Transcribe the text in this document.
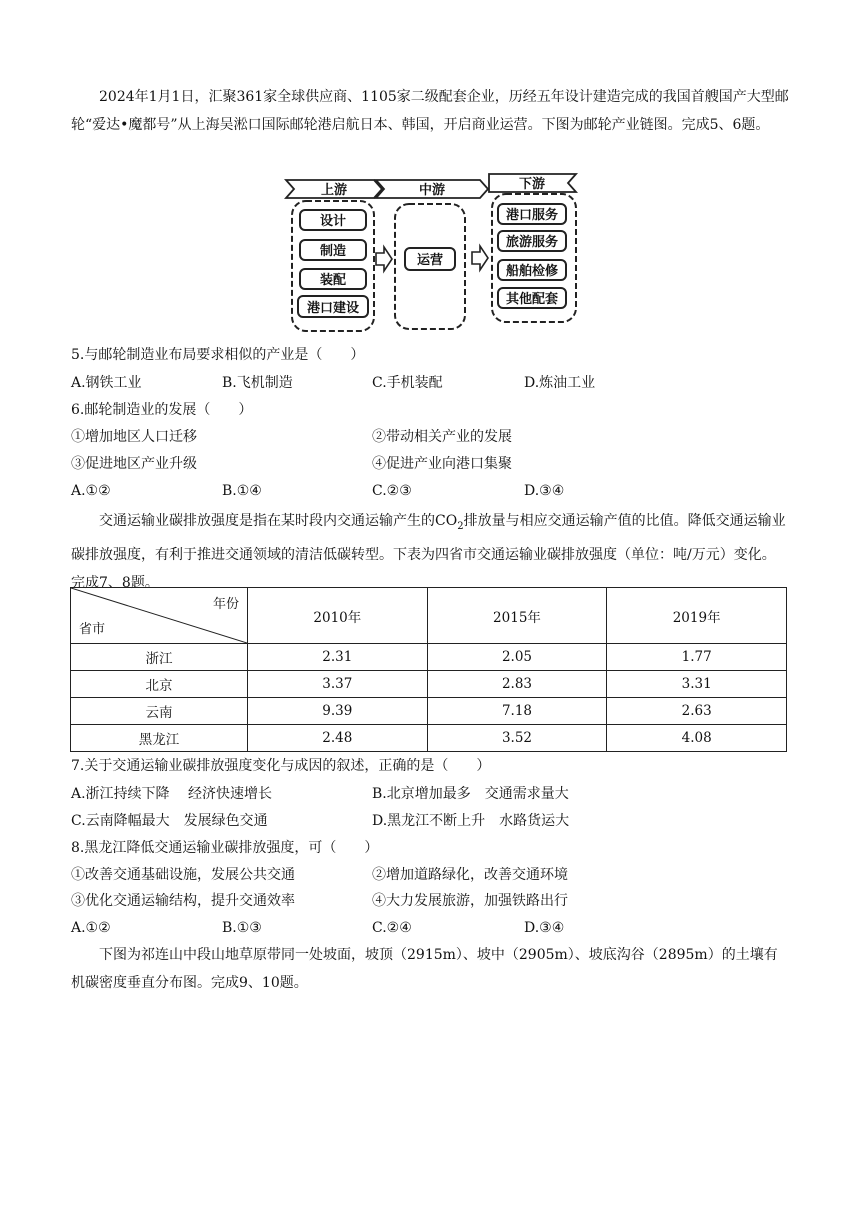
2024年1月1日，汇聚361家全球供应商、1105家二级配套企业，历经五年设计建造完成的我国首艘国产大型邮轮“爱达•魔都号”从上海吴淞口国际邮轮港启航日本、韩国，开启商业运营。下图为邮轮产业链图。完成5、6题。
上游	中游	下游
设计
制造
装配
港口建设
运营
港口服务
旅游服务
船舶检修
其他配套
5.与邮轮制造业布局要求相似的产业是（　　）
A.钢铁工业	B.飞机制造	C.手机装配	D.炼油工业
6.邮轮制造业的发展（　　）
①增加地区人口迁移	②带动相关产业的发展
③促进地区产业升级	④促进产业向港口集聚
A.①②	B.①④	C.②③	D.③④
交通运输业碳排放强度是指在某时段内交通运输产生的$CO_2$排放量与相应交通运输产值的比值。降低交通运输业碳排放强度，有利于推进交通领域的清洁低碳转型。下表为四省市交通运输业碳排放强度（单位：吨/万元）变化。完成7、8题。
年份
省市	2010年	2015年	2019年
浙江	2.31	2.05	1.77
北京	3.37	2.83	3.31
云南	9.39	7.18	2.63
黑龙江	2.48	3.52	4.08
7.关于交通运输业碳排放强度变化与成因的叙述，正确的是（　　）
A.浙江持续下降　 经济快速增长	B.北京增加最多　交通需求量大
C.云南降幅最大　发展绿色交通	D.黑龙江不断上升　水路货运大
8.黑龙江降低交通运输业碳排放强度，可（　　）
①改善交通基础设施，发展公共交通	②增加道路绿化，改善交通环境
③优化交通运输结构，提升交通效率	④大力发展旅游，加强铁路出行
A.①②	B.①③	C.②④	D.③④
下图为祁连山中段山地草原带同一处坡面，坡顶（2915m）、坡中（2905m）、坡底沟谷（2895m）的土壤有机碳密度垂直分布图。完成9、10题。
